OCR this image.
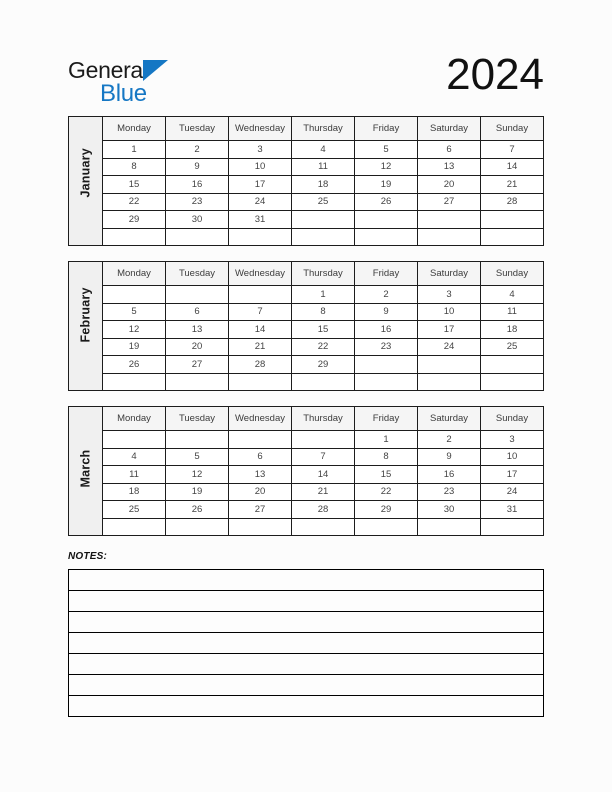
General
Blue	2024
January	Monday	Tuesday	Wednesday	Thursday	Friday	Saturday	Sunday

	1	2	3	4	5	6	7
	8	9	10	11	12	13	14
	15	16	17	18	19	20	21
	22	23	24	25	26	27	28
	29	30	31				

February	Monday	Tuesday	Wednesday	Thursday	Friday	Saturday	Sunday

				1	2	3	4
	5	6	7	8	9	10	11
	12	13	14	15	16	17	18
	19	20	21	22	23	24	25
	26	27	28	29			

March	Monday	Tuesday	Wednesday	Thursday	Friday	Saturday	Sunday

					1	2	3
	4	5	6	7	8	9	10
	11	12	13	14	15	16	17
	18	19	20	21	22	23	24
	25	26	27	28	29	30	31

NOTES:
